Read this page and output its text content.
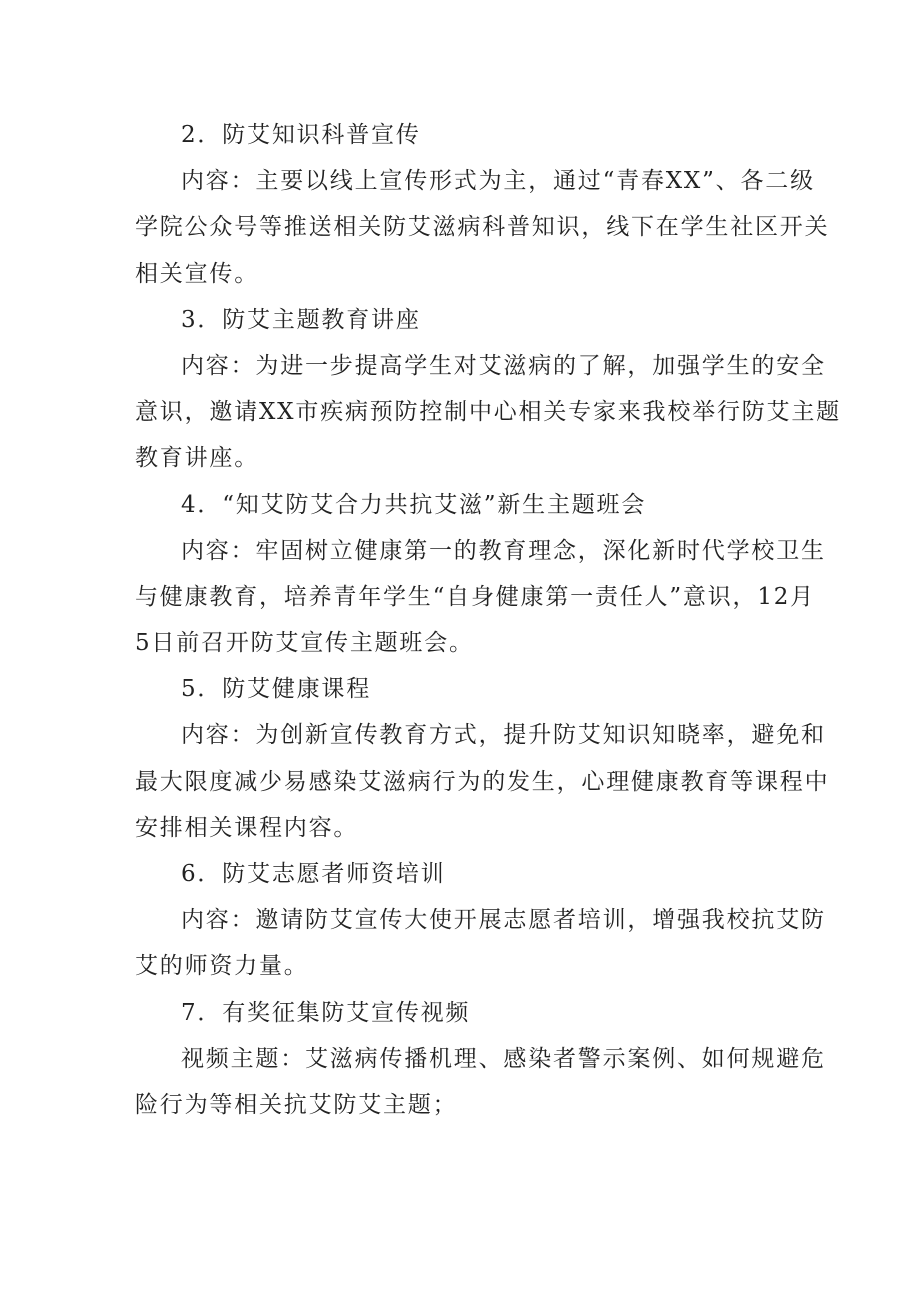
2．防艾知识科普宣传
内容：主要以线上宣传形式为主，通过“青春XX”、各二级
学院公众号等推送相关防艾滋病科普知识，线下在学生社区开关
相关宣传。
3．防艾主题教育讲座
内容：为进一步提高学生对艾滋病的了解，加强学生的安全
意识，邀请XX市疾病预防控制中心相关专家来我校举行防艾主题
教育讲座。
4．“知艾防艾合力共抗艾滋”新生主题班会
内容：牢固树立健康第一的教育理念，深化新时代学校卫生
与健康教育，培养青年学生“自身健康第一责任人”意识，12月
5日前召开防艾宣传主题班会。
5．防艾健康课程
内容：为创新宣传教育方式，提升防艾知识知晓率，避免和
最大限度减少易感染艾滋病行为的发生，心理健康教育等课程中
安排相关课程内容。
6．防艾志愿者师资培训
内容：邀请防艾宣传大使开展志愿者培训，增强我校抗艾防
艾的师资力量。
7．有奖征集防艾宣传视频
视频主题：艾滋病传播机理、感染者警示案例、如何规避危
险行为等相关抗艾防艾主题；
